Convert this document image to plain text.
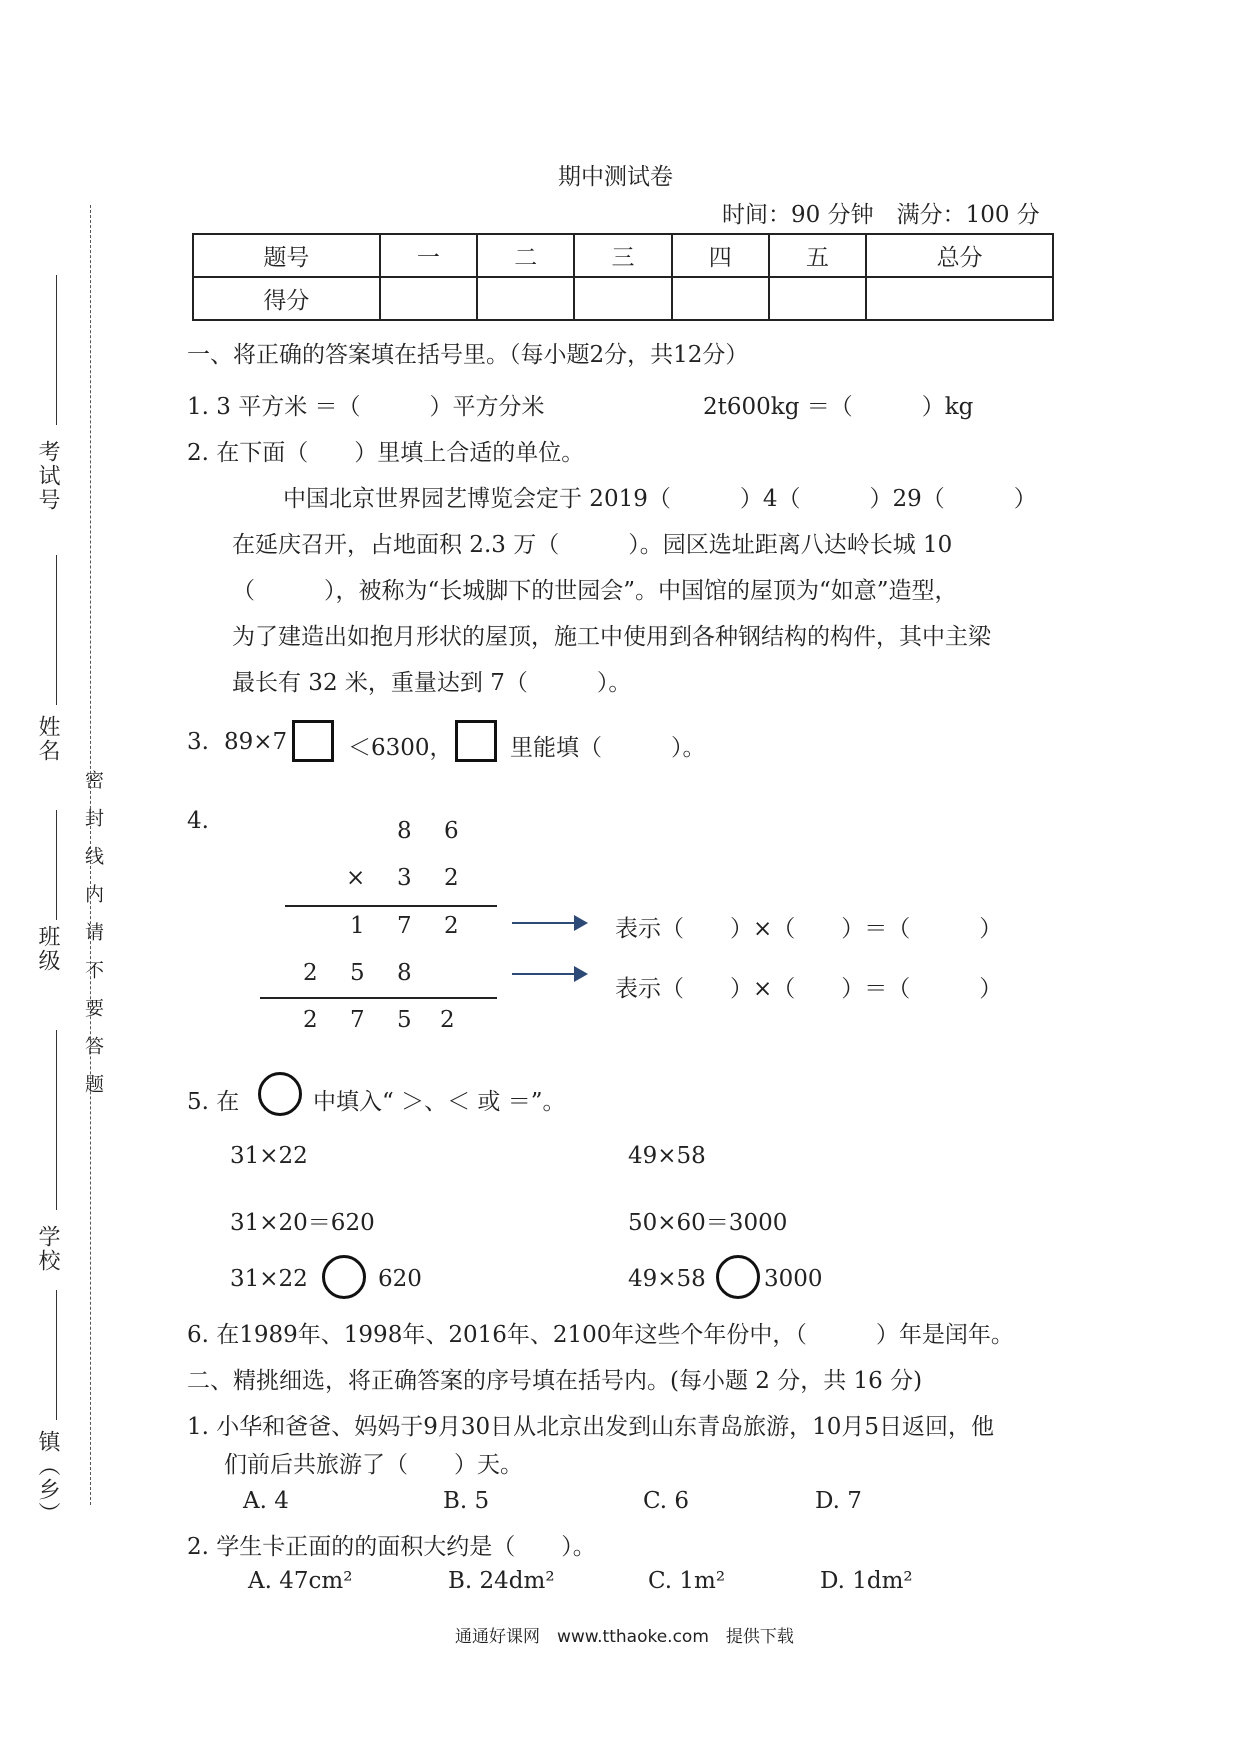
考试号
姓名
班级
学校
镇（乡）
密　封　线　内　请　不　要　答　题
期中测试卷
时间：90 分钟　满分：100 分
题号	一	二	三	四	五	总分
得分						
一、将正确的答案填在括号里。（每小题2分，共12分）
1. 3 平方米 ＝（　　　）平方分米	2t600kg ＝（　　　）kg
2. 在下面（　　）里填上合适的单位。
中国北京世界园艺博览会定于 2019（　　　）4（　　　）29（　　　）
在延庆召开，占地面积 2.3 万（　　　）。园区选址距离八达岭长城 10
（　　　），被称为“长城脚下的世园会”。中国馆的屋顶为“如意”造型，
为了建造出如抱月形状的屋顶，施工中使用到各种钢结构的构件，其中主梁
最长有 32 米，重量达到 7（　　　）。
3. 89×7	＜6300， 里能填（　　　）。
4.	8 6
× 3 2
1 7 2
2 5 8
2 7 5 2
表示（　　）×（　　）＝（　　　）
表示（　　）×（　　）＝（　　　）
5. 在	中填入“ ＞、＜ 或 ＝”。
31×22	49×58
31×20＝620	50×60＝3000
31×22	620	49×58	3000
6. 在1989年、1998年、2016年、2100年这些个年份中，（　　　）年是闰年。
二、精挑细选，将正确答案的序号填在括号内。(每小题 2 分，共 16 分)
1. 小华和爸爸、妈妈于9月30日从北京出发到山东青岛旅游，10月5日返回，他
们前后共旅游了（　　）天。
A. 4	B. 5	C. 6	D. 7
2. 学生卡正面的的面积大约是（　　）。
A. 47cm²	B. 24dm²	C. 1m²	D. 1dm²
通通好课网　www.tthaoke.com　提供下载
